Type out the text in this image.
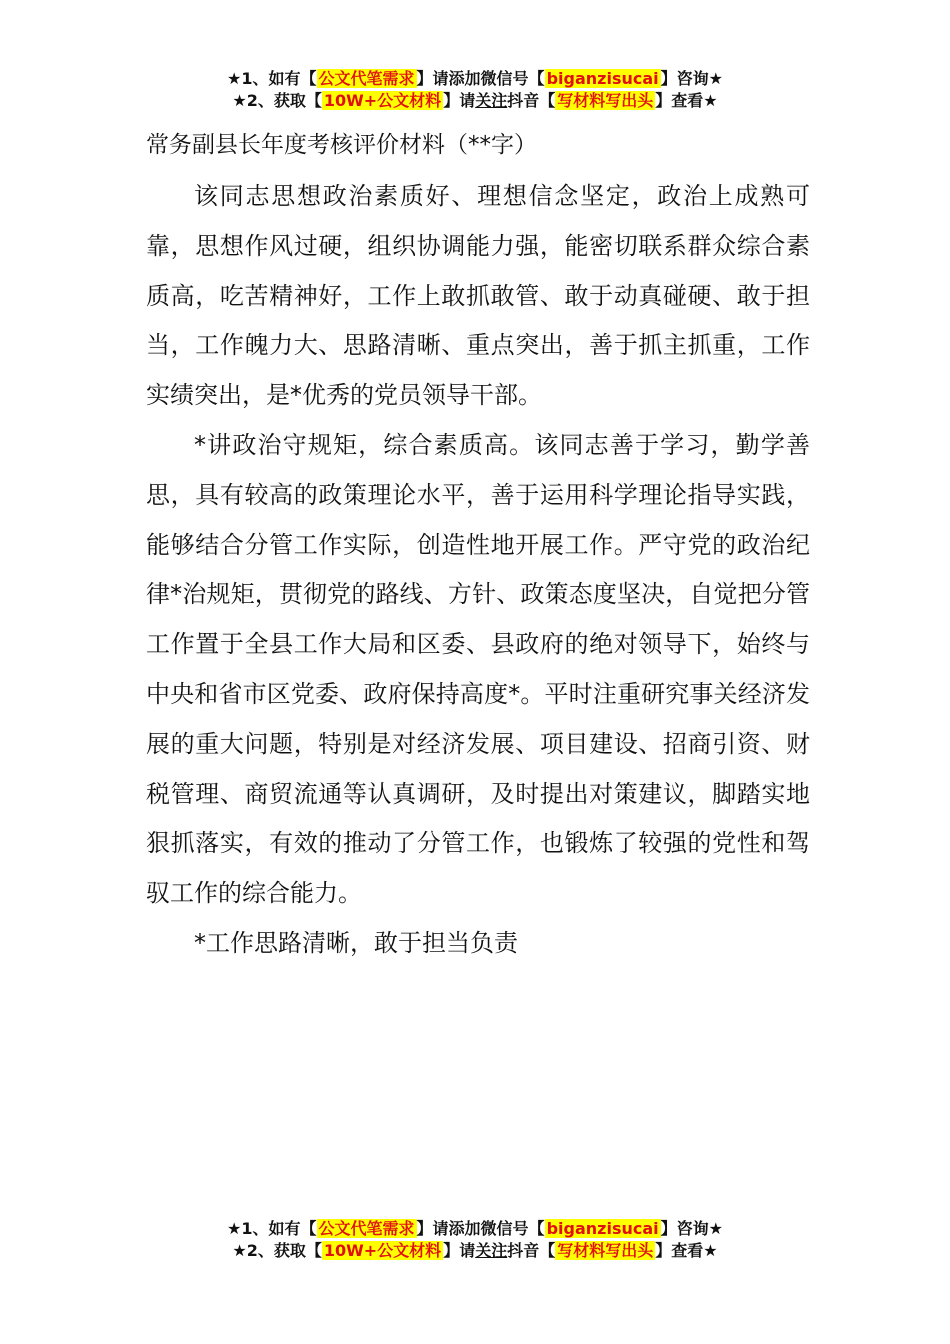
★1、如有【 公文代笔需求 】请添加微信号【 biganzisucai 】咨询★
★2、获取【 10W+公文材料 】请关注抖音【 写材料写出头 】查看★
常务副县长年度考核评价材料（**字）

该同志思想政治素质好、理想信念坚定，政治上成熟可靠，思想作风过硬，组织协调能力强，能密切联系群众综合素质高，吃苦精神好，工作上敢抓敢管、敢于动真碰硬、敢于担当，工作魄力大、思路清晰、重点突出，善于抓主抓重，工作实绩突出，是*优秀的党员领导干部。

*讲政治守规矩，综合素质高。该同志善于学习，勤学善思，具有较高的政策理论水平，善于运用科学理论指导实践，能够结合分管工作实际，创造性地开展工作。严守党的政治纪律*治规矩，贯彻党的路线、方针、政策态度坚决，自觉把分管工作置于全县工作大局和区委、县政府的绝对领导下，始终与中央和省市区党委、政府保持高度*。平时注重研究事关经济发展的重大问题，特别是对经济发展、项目建设、招商引资、财税管理、商贸流通等认真调研，及时提出对策建议，脚踏实地狠抓落实，有效的推动了分管工作，也锻炼了较强的党性和驾驭工作的综合能力。

*工作思路清晰，敢于担当负责

★1、如有【 公文代笔需求 】请添加微信号【 biganzisucai 】咨询★
★2、获取【 10W+公文材料 】请关注抖音【 写材料写出头 】查看★
